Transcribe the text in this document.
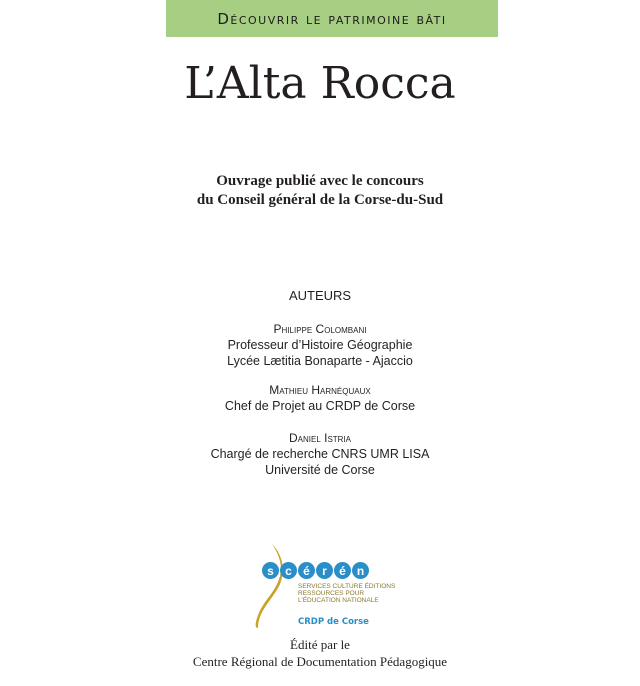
Découvrir le patrimoine bâti
L’Alta Rocca
Ouvrage publié avec le concours
du Conseil général de la Corse-du-Sud
AUTEURS
Philippe Colombani
Professeur d’Histoire Géographie
Lycée Lætitia Bonaparte - Ajaccio
Mathieu Harnéquaux
Chef de Projet au CRDP de Corse
Daniel Istria
Chargé de recherche CNRS UMR LISA
Université de Corse
s c é	r	é n
SERVICES CULTURE ÉDITIONS
RESSOURCES POUR
L’ÉDUCATION NATIONALE
CRDP de Corse
Édité par le
Centre Régional de Documentation Pédagogique
